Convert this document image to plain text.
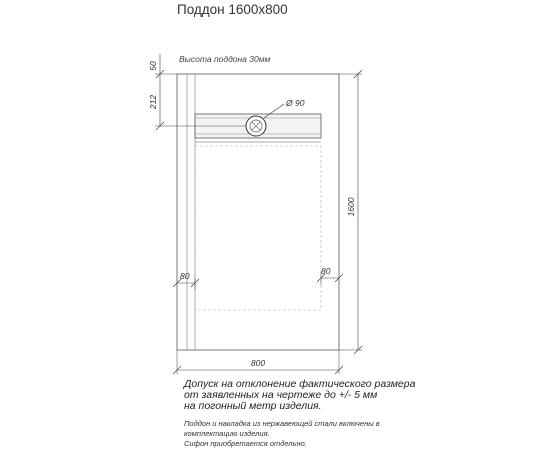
Поддон 1600х800
Высота поддона 30мм
Ø 90
50
212
1600
80	80
800
Допуск на отклонение фактического размера
от заявленных на чертеже до +/- 5 мм
на погонный метр изделия.
Поддон и накладка из нержавеющей стали включены в
комплектацию изделия.
Сифон приобретается отдельно.
